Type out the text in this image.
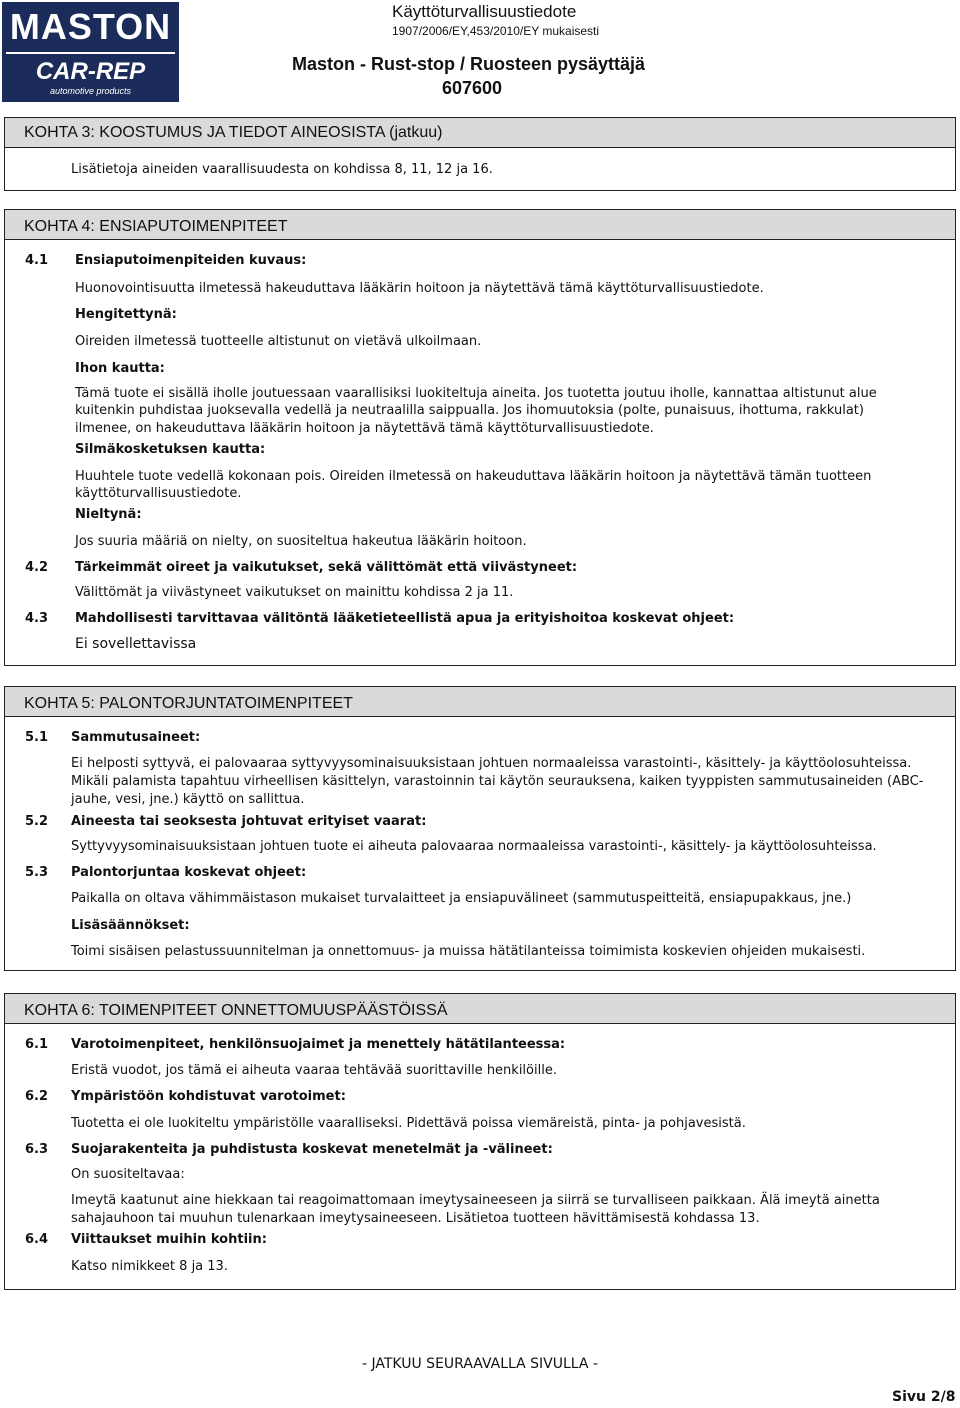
MASTON
CAR-REP
automotive products
Käyttöturvallisuustiedote
1907/2006/EY,453/2010/EY mukaisesti
Maston - Rust-stop / Ruosteen pysäyttäjä
607600
KOHTA 3: KOOSTUMUS JA TIEDOT AINEOSISTA (jatkuu)
Lisätietoja aineiden vaarallisuudesta on kohdissa 8, 11, 12 ja 16.
KOHTA 4: ENSIAPUTOIMENPITEET
4.1 Ensiaputoimenpiteiden kuvaus:
Huonovointisuutta ilmetessä hakeuduttava lääkärin hoitoon ja näytettävä tämä käyttöturvallisuustiedote.
Hengitettynä:
Oireiden ilmetessä tuotteelle altistunut on vietävä ulkoilmaan.
Ihon kautta:
Tämä tuote ei sisällä iholle joutuessaan vaarallisiksi luokiteltuja aineita. Jos tuotetta joutuu iholle, kannattaa altistunut alue
kuitenkin puhdistaa juoksevalla vedellä ja neutraalilla saippualla. Jos ihomuutoksia (polte, punaisuus, ihottuma, rakkulat)
ilmenee, on hakeuduttava lääkärin hoitoon ja näytettävä tämä käyttöturvallisuustiedote.
Silmäkosketuksen kautta:
Huuhtele tuote vedellä kokonaan pois. Oireiden ilmetessä on hakeuduttava lääkärin hoitoon ja näytettävä tämän tuotteen
käyttöturvallisuustiedote.
Nieltynä:
Jos suuria määriä on nielty, on suositeltua hakeutua lääkärin hoitoon.
4.2 Tärkeimmät oireet ja vaikutukset, sekä välittömät että viivästyneet:
Välittömät ja viivästyneet vaikutukset on mainittu kohdissa 2 ja 11.
4.3 Mahdollisesti tarvittavaa välitöntä lääketieteellistä apua ja erityishoitoa koskevat ohjeet:
Ei sovellettavissa
KOHTA 5: PALONTORJUNTATOIMENPITEET
5.1 Sammutusaineet:
Ei helposti syttyvä, ei palovaaraa syttyvyysominaisuuksistaan johtuen normaaleissa varastointi-, käsittely- ja käyttöolosuhteissa.
Mikäli palamista tapahtuu virheellisen käsittelyn, varastoinnin tai käytön seurauksena, kaiken tyyppisten sammutusaineiden (ABC-
jauhe, vesi, jne.) käyttö on sallittua.
5.2 Aineesta tai seoksesta johtuvat erityiset vaarat:
Syttyvyysominaisuuksistaan johtuen tuote ei aiheuta palovaaraa normaaleissa varastointi-, käsittely- ja käyttöolosuhteissa.
5.3 Palontorjuntaa koskevat ohjeet:
Paikalla on oltava vähimmäistason mukaiset turvalaitteet ja ensiapuvälineet (sammutuspeitteitä, ensiapupakkaus, jne.)
Lisäsäännökset:
Toimi sisäisen pelastussuunnitelman ja onnettomuus- ja muissa hätätilanteissa toimimista koskevien ohjeiden mukaisesti.
KOHTA 6: TOIMENPITEET ONNETTOMUUSPÄÄSTÖISSÄ
6.1 Varotoimenpiteet, henkilönsuojaimet ja menettely hätätilanteessa:
Eristä vuodot, jos tämä ei aiheuta vaaraa tehtävää suorittaville henkilöille.
6.2 Ympäristöön kohdistuvat varotoimet:
Tuotetta ei ole luokiteltu ympäristölle vaaralliseksi. Pidettävä poissa viemäreistä, pinta- ja pohjavesistä.
6.3 Suojarakenteita ja puhdistusta koskevat menetelmät ja -välineet:
On suositeltavaa:
Imeytä kaatunut aine hiekkaan tai reagoimattomaan imeytysaineeseen ja siirrä se turvalliseen paikkaan. Älä imeytä ainetta
sahajauhoon tai muuhun tulenarkaan imeytysaineeseen. Lisätietoa tuotteen hävittämisestä kohdassa 13.
6.4 Viittaukset muihin kohtiin:
Katso nimikkeet 8 ja 13.
- JATKUU SEURAAVALLA SIVULLA -
Sivu 2/8
